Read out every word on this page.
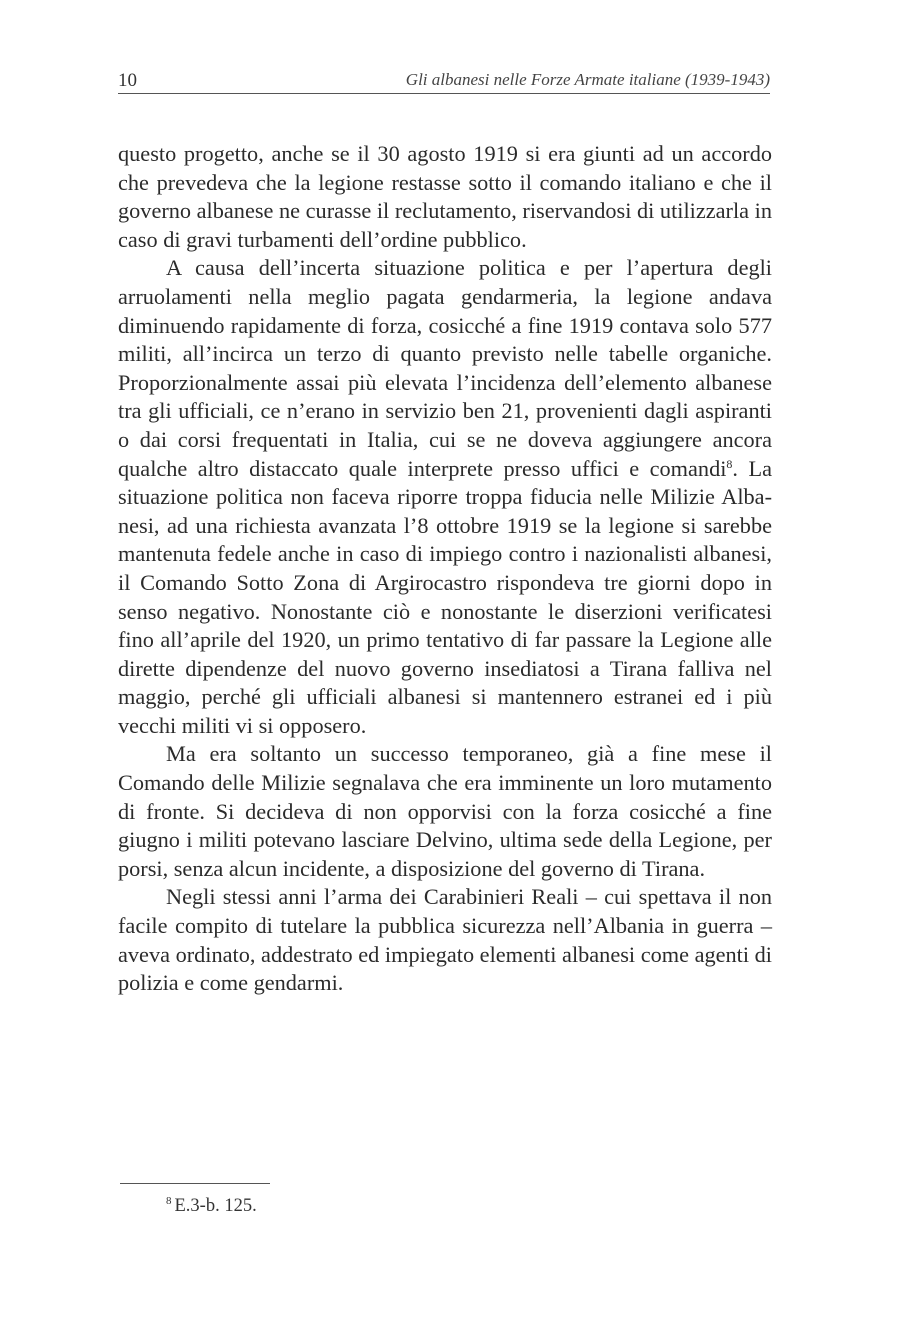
10	Gli albanesi nelle Forze Armate italiane (1939-1943)

questo progetto, anche se il 30 agosto 1919 si era giunti ad un accordo che prevedeva che la legione restasse sotto il comando italiano e che il governo albanese ne curasse il reclutamento, riservandosi di utilizzarla in caso di gravi turbamenti dell’ordine pubblico.

A causa dell’incerta situazione politica e per l’apertura degli arruolamenti nella meglio pagata gendarmeria, la legione andava diminuendo rapidamente di forza, cosicché a fine 1919 contava solo 577 militi, all’incirca un terzo di quanto previsto nelle tabelle organiche. Proporzionalmente assai più elevata l’incidenza dell’elemento albanese tra gli ufficiali, ce n’erano in servizio ben 21, provenienti dagli aspiranti o dai corsi frequentati in Italia, cui se ne doveva aggiungere ancora qualche altro distaccato quale interprete presso uffici e comandi$^8$. La situazione politica non faceva riporre troppa fiducia nelle Milizie Albanesi, ad una richiesta avanzata l’8 ottobre 1919 se la legione si sarebbe mantenuta fedele anche in caso di impiego contro i nazionalisti albanesi, il Comando Sotto Zona di Argirocastro rispondeva tre giorni dopo in senso negativo. Nonostante ciò e nonostante le diserzioni verificatesi fino all’aprile del 1920, un primo tentativo di far passare la Legione alle dirette dipendenze del nuovo governo insediatosi a Tirana falliva nel maggio, perché gli ufficiali albanesi si mantennero estranei ed i più vecchi militi vi si opposero.

Ma era soltanto un successo temporaneo, già a fine mese il Comando delle Milizie segnalava che era imminente un loro mutamento di fronte. Si decideva di non opporvisi con la forza cosicché a fine giugno i militi potevano lasciare Delvino, ultima sede della Legione, per porsi, senza alcun incidente, a disposizione del governo di Tirana.

Negli stessi anni l’arma dei Carabinieri Reali – cui spettava il non facile compito di tutelare la pubblica sicurezza nell’Albania in guerra – aveva ordinato, addestrato ed impiegato elementi albanesi come agenti di polizia e come gendarmi.

$^8$ E.3-b. 125.
